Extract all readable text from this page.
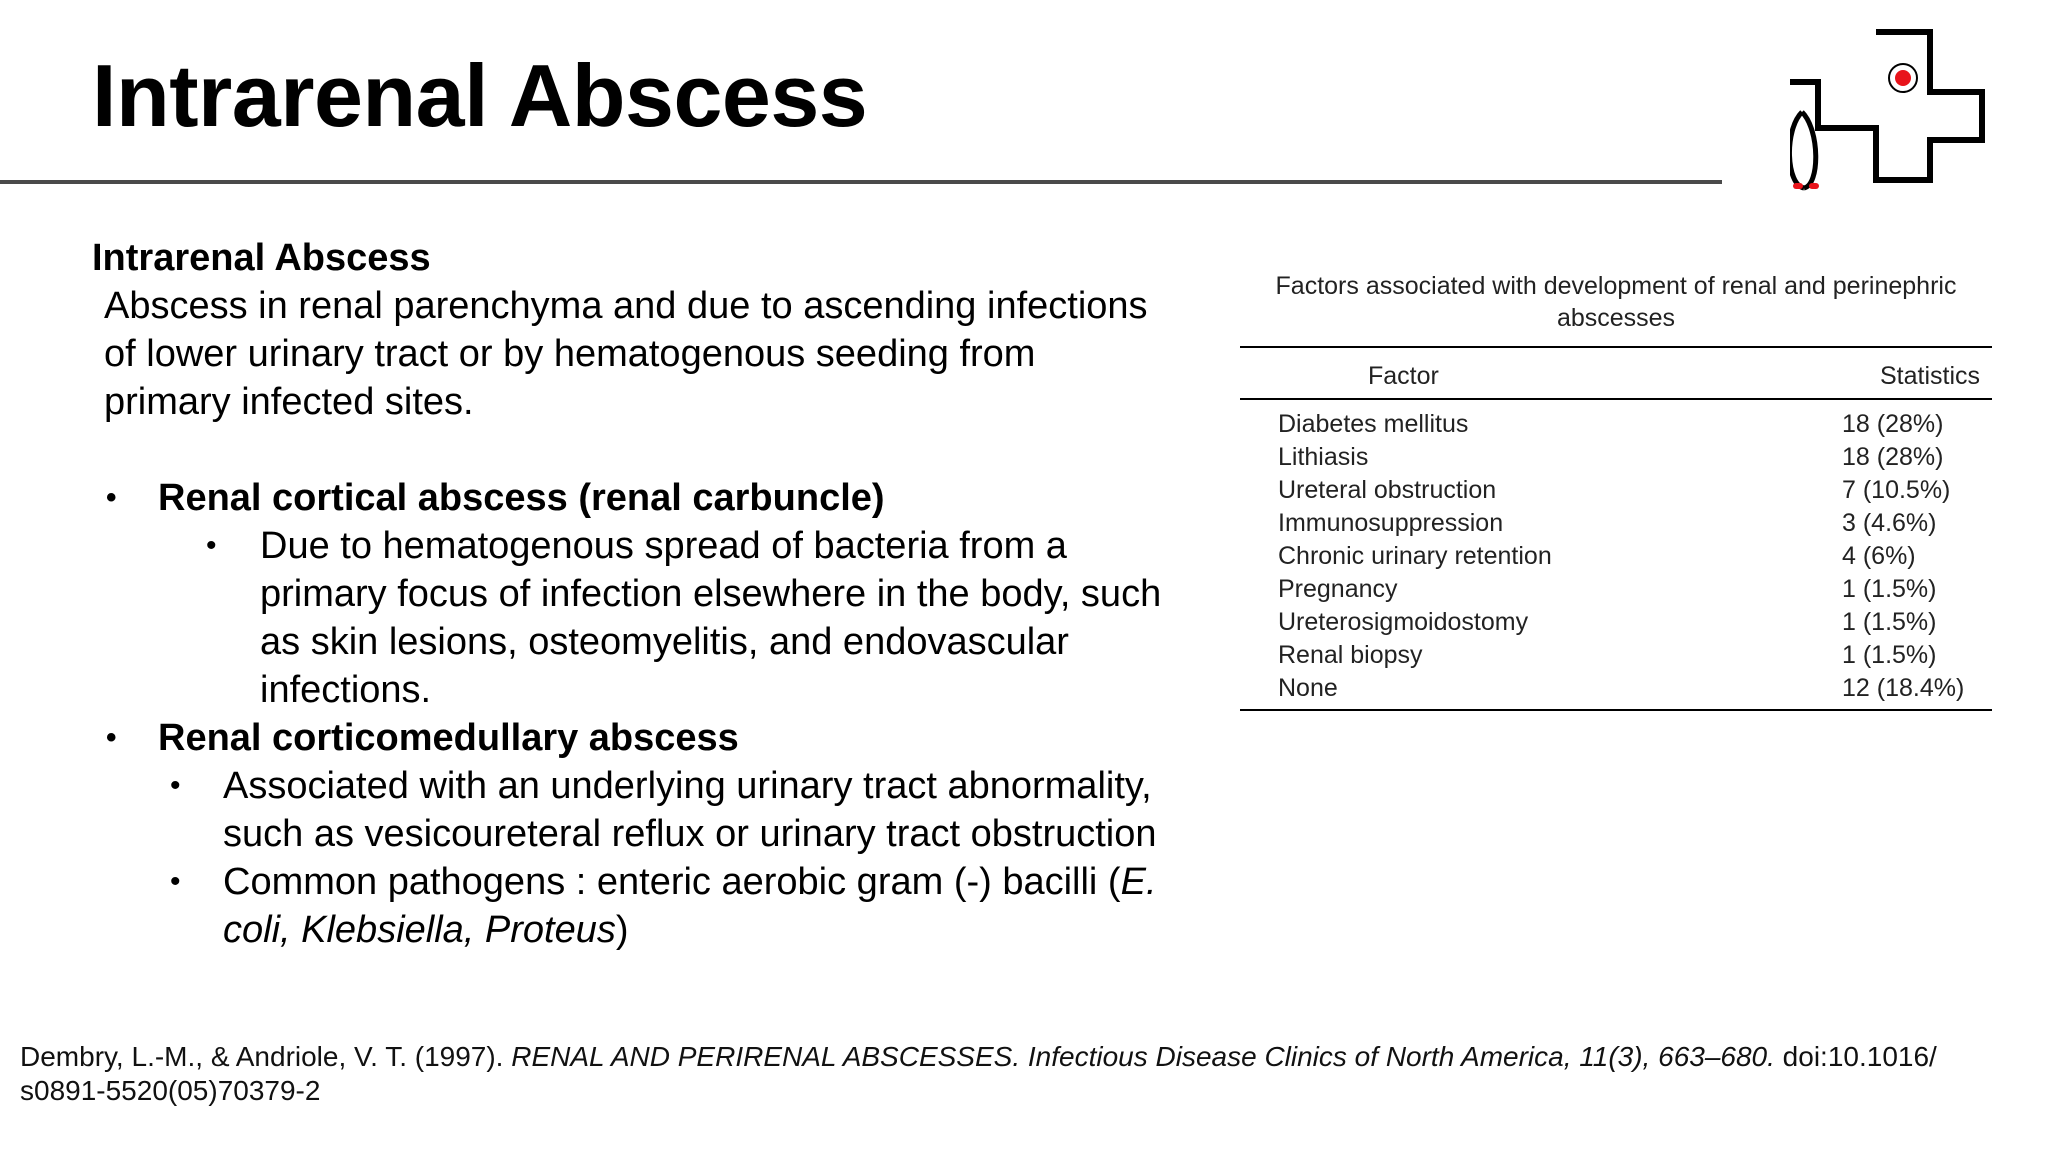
Intrarenal Abscess
Intrarenal Abscess
Abscess in renal parenchyma and due to ascending infections
of lower urinary tract or by hematogenous seeding from
primary infected sites.
• Renal cortical abscess (renal carbuncle)
• Due to hematogenous spread of bacteria from a
primary focus of infection elsewhere in the body, such
as skin lesions, osteomyelitis, and endovascular
infections.
• Renal corticomedullary abscess
• Associated with an underlying urinary tract abnormality,
such as vesicoureteral reflux or urinary tract obstruction
• Common pathogens : enteric aerobic gram (-) bacilli (E.
coli, Klebsiella, Proteus)
Factors associated with development of renal and perinephric
abscesses
Factor	Statistics
Diabetes mellitus	18 (28%)
Lithiasis	18 (28%)
Ureteral obstruction	7 (10.5%)
Immunosuppression	3 (4.6%)
Chronic urinary retention	4 (6%)
Pregnancy	1 (1.5%)
Ureterosigmoidostomy	1 (1.5%)
Renal biopsy	1 (1.5%)
None	12 (18.4%)
Dembry, L.-M., & Andriole, V. T. (1997). RENAL AND PERIRENAL ABSCESSES. Infectious Disease Clinics of North America, 11(3), 663–680. doi:10.1016/
s0891-5520(05)70379-2
